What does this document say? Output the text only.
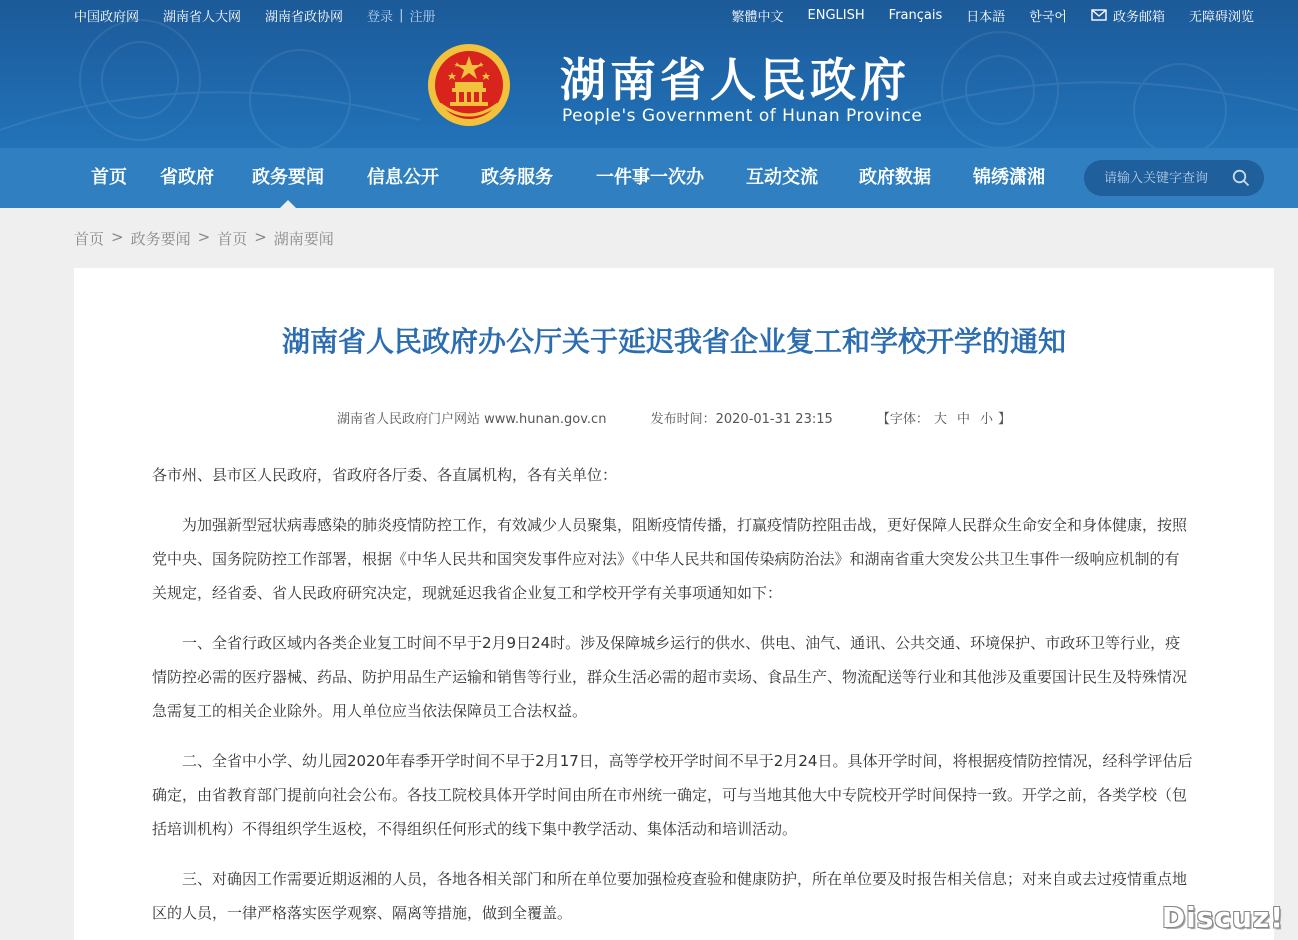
中国政府网 湖南省人大网 湖南省政协网 登录 | 注册	繁體中文 ENGLISH Français 日本語 한국어	政务邮箱 无障碍浏览
湖南省人民政府
People's Government of Hunan Province
首页	省政府	政务要闻	信息公开	政务服务	一件事一次办	互动交流	政府数据	锦绣潇湘
请输入关键字查询
首页 > 政务要闻 > 首页 > 湖南要闻
湖南省人民政府办公厅关于延迟我省企业复工和学校开学的通知
湖南省人民政府门户网站 www.hunan.gov.cn	发布时间：2020-01-31 23:15	【字体： 大 中 小 】

各市州、县市区人民政府，省政府各厅委、各直属机构，各有关单位：

为加强新型冠状病毒感染的肺炎疫情防控工作，有效减少人员聚集，阻断疫情传播，打赢疫情防控阻击战，更好保障人民群众生命安全和身体健康，按照党中央、国务院防控工作部署，根据《中华人民共和国突发事件应对法》《中华人民共和国传染病防治法》和湖南省重大突发公共卫生事件一级响应机制的有关规定，经省委、省人民政府研究决定，现就延迟我省企业复工和学校开学有关事项通知如下：

一、全省行政区域内各类企业复工时间不早于2月9日24时。涉及保障城乡运行的供水、供电、油气、通讯、公共交通、环境保护、市政环卫等行业，疫情防控必需的医疗器械、药品、防护用品生产运输和销售等行业，群众生活必需的超市卖场、食品生产、物流配送等行业和其他涉及重要国计民生及特殊情况急需复工的相关企业除外。用人单位应当依法保障员工合法权益。

二、全省中小学、幼儿园2020年春季开学时间不早于2月17日，高等学校开学时间不早于2月24日。具体开学时间，将根据疫情防控情况，经科学评估后确定，由省教育部门提前向社会公布。各技工院校具体开学时间由所在市州统一确定，可与当地其他大中专院校开学时间保持一致。开学之前，各类学校（包括培训机构）不得组织学生返校，不得组织任何形式的线下集中教学活动、集体活动和培训活动。

三、对确因工作需要近期返湘的人员，各地各相关部门和所在单位要加强检疫查验和健康防护，所在单位要及时报告相关信息；对来自或去过疫情重点地区的人员，一律严格落实医学观察、隔离等措施，做到全覆盖。	Discuz!
